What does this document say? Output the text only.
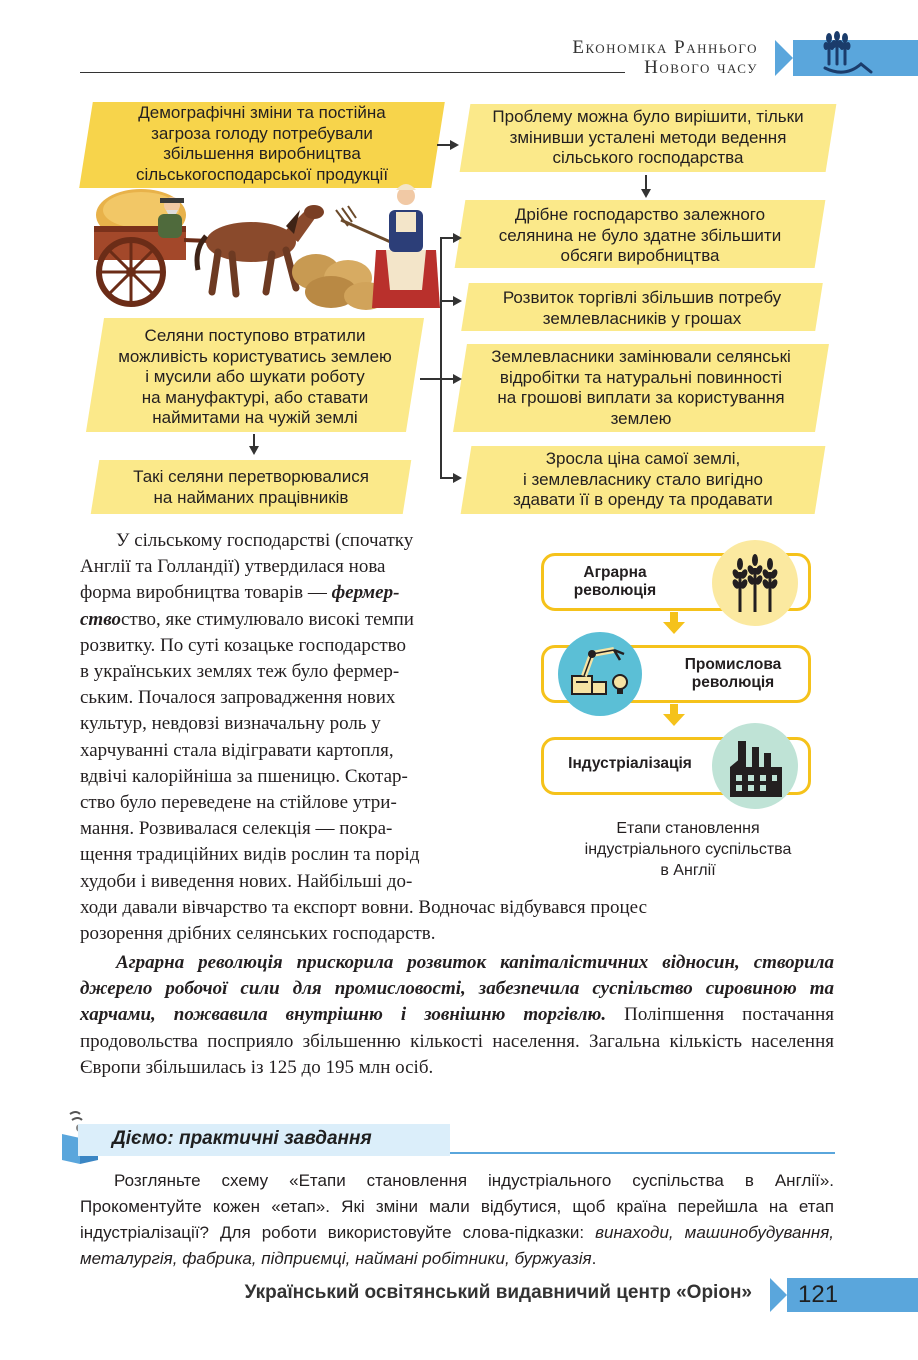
Економіка Раннього
Нового часу
Демографічні зміни та постійна
загроза голоду потребували
збільшення виробництва
сільськогосподарської продукції
Проблему можна було вирішити, тільки
змінивши усталені методи ведення
сільського господарства
Дрібне господарство залежного
селянина не було здатне збільшити
обсяги виробництва
Розвиток торгівлі збільшив потребу
землевласників у грошах
Землевласники замінювали селянські
відробітки та натуральні повинності
на грошові виплати за користування
землею
Зросла ціна самої землі,
і землевласнику стало вигідно
здавати її в оренду та продавати
Селяни поступово втратили
можливість користуватись землею
і мусили або шукати роботу
на мануфактурі, або ставати
наймитами на чужій землі
Такі селяни перетворювалися
на найманих працівників
У сільському господарстві (спочатку
Англії та Голландії) утвердилася нова
форма виробництва товарів — фермер-
ствоство, яке стимулювало високі темпи
розвитку. По суті козацьке господарство
в українських землях теж було фермер-
ським. Почалося запровадження нових
культур, невдовзі визначальну роль у
харчуванні стала відігравати картопля,
вдвічі калорійніша за пшеницю. Скотар-
ство було переведене на стійлове утри-
мання. Розвивалася селекція — покра-
щення традиційних видів рослин та порід
худоби і виведення нових. Найбільші до-
ходи давали вівчарство та експорт вовни. Водночас відбувався процес
розорення дрібних селянських господарств.
Аграрна
революція
Промислова
революція
Індустріалізація
Етапи становлення
індустріального суспільства
в Англії
Аграрна революція прискорила розвиток капіталістичних відносин, створила джерело робочої сили для промисловості, забезпечила суспільство сировиною та харчами, пожвавила внутрішню і зовнішню торгівлю. Поліпшення постачання продовольства посприяло збільшенню кількості населення. Загальна кількість населення Європи збільшилась із 125 до 195 млн осіб.
Діємо: практичні завдання
Розгляньте схему «Етапи становлення індустріального суспільства в Англії». Прокоментуйте кожен «етап». Які зміни мали відбутися, щоб країна перейшла на етап індустріалізації? Для роботи використовуйте слова-підказки: винаходи, машинобудування, металургія, фабрика, підприємці, наймані робітники, буржуазія.
Український освітянський видавничий центр «Оріон» 121
